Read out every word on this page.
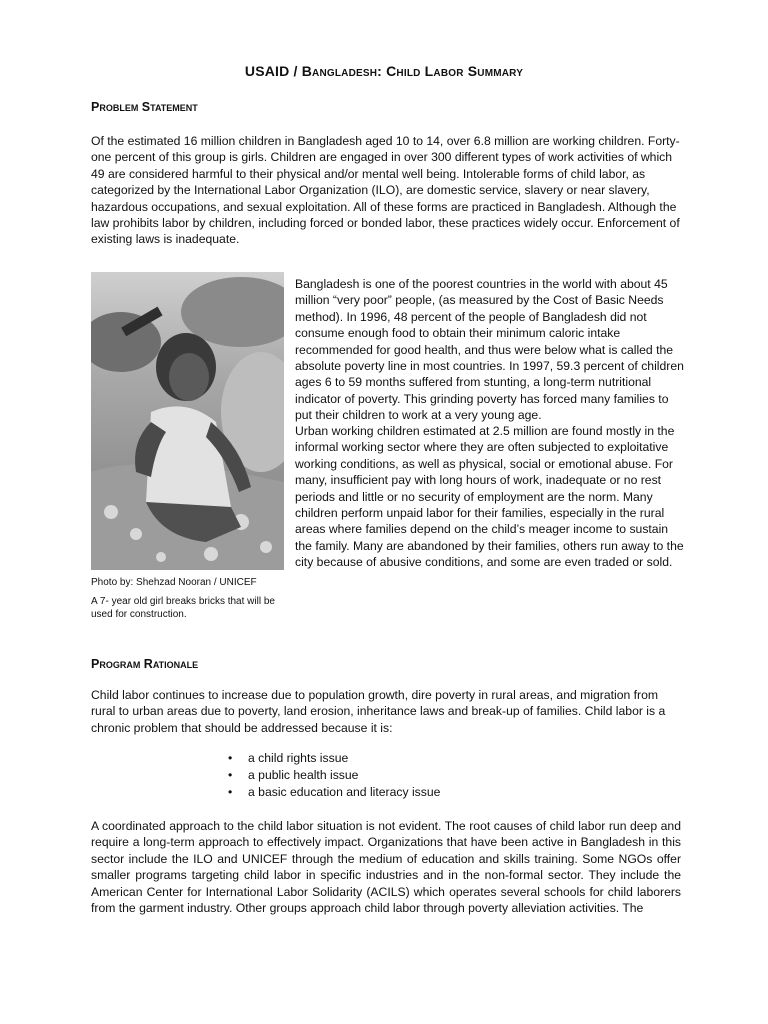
USAID / Bangladesh: Child Labor Summary
Problem Statement

Of the estimated 16 million children in Bangladesh aged 10 to 14, over 6.8 million are working children. Forty-one percent of this group is girls. Children are engaged in over 300 different types of work activities of which 49 are considered harmful to their physical and/or mental well being. Intolerable forms of child labor, as categorized by the International Labor Organization (ILO), are domestic service, slavery or near slavery, hazardous occupations, and sexual exploitation. All of these forms are practiced in Bangladesh. Although the law prohibits labor by children, including forced or bonded labor, these practices widely occur. Enforcement of existing laws is inadequate.

Photo by: Shehzad Nooran / UNICEF

A 7- year old girl breaks bricks that will be used for construction.

Bangladesh is one of the poorest countries in the world with about 45 million “very poor” people, (as measured by the Cost of Basic Needs method). In 1996, 48 percent of the people of Bangladesh did not consume enough food to obtain their minimum caloric intake recommended for good health, and thus were below what is called the absolute poverty line in most countries. In 1997, 59.3 percent of children ages 6 to 59 months suffered from stunting, a long-term nutritional indicator of poverty. This grinding poverty has forced many families to put their children to work at a very young age.

Urban working children estimated at 2.5 million are found mostly in the informal working sector where they are often subjected to exploitative working conditions, as well as physical, social or emotional abuse. For many, insufficient pay with long hours of work, inadequate or no rest periods and little or no security of employment are the norm. Many children perform unpaid labor for their families, especially in the rural areas where families depend on the child’s meager income to sustain the family. Many are abandoned by their families, others run away to the city because of abusive conditions, and some are even traded or sold.

Program Rationale

Child labor continues to increase due to population growth, dire poverty in rural areas, and migration from rural to urban areas due to poverty, land erosion, inheritance laws and break-up of families. Child labor is a chronic problem that should be addressed because it is:

• a child rights issue
• a public health issue
• a basic education and literacy issue

A coordinated approach to the child labor situation is not evident. The root causes of child labor run deep and require a long-term approach to effectively impact. Organizations that have been active in Bangladesh in this sector include the ILO and UNICEF through the medium of education and skills training. Some NGOs offer smaller programs targeting child labor in specific industries and in the non-formal sector. They include the American Center for International Labor Solidarity (ACILS) which operates several schools for child laborers from the garment industry. Other groups approach child labor through poverty alleviation activities. The
